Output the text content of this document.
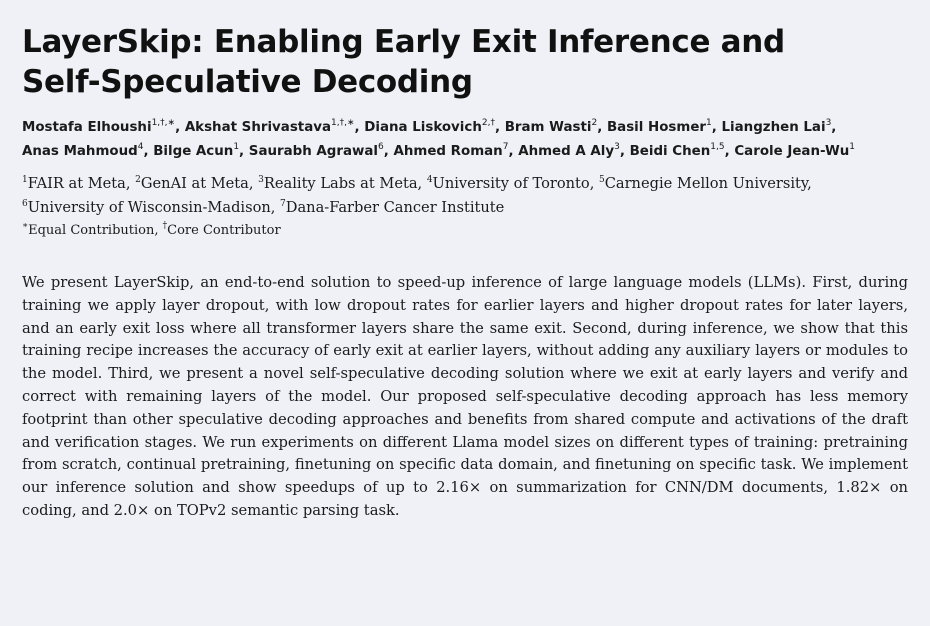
LayerSkip: Enabling Early Exit Inference and
Self-Speculative Decoding
Mostafa Elhoushi$^{1,\dagger,∗}$, Akshat Shrivastava$^{1,\dagger,∗}$, Diana Liskovich$^{2,\dagger}$, Bram Wasti$^2$, Basil Hosmer$^1$, Liangzhen Lai$^3$, Anas Mahmoud$^4$, Bilge Acun$^1$, Saurabh Agrawal$^6$, Ahmed Roman$^7$, Ahmed A Aly$^3$, Beidi Chen$^{1,5}$, Carole Jean-Wu$^1$
$^1$FAIR at Meta, $^2$GenAI at Meta, $^3$Reality Labs at Meta, $^4$University of Toronto, $^5$Carnegie Mellon University, $^6$University of Wisconsin-Madison, $^7$Dana-Farber Cancer Institute
∗Equal Contribution, †Core Contributor

We present LayerSkip, an end-to-end solution to speed-up inference of large language models (LLMs). First, during training we apply layer dropout, with low dropout rates for earlier layers and higher dropout rates for later layers, and an early exit loss where all transformer layers share the same exit. Second, during inference, we show that this training recipe increases the accuracy of early exit at earlier layers, without adding any auxiliary layers or modules to the model. Third, we present a novel self-speculative decoding solution where we exit at early layers and verify and correct with remaining layers of the model. Our proposed self-speculative decoding approach has less memory footprint than other speculative decoding approaches and benefits from shared compute and activations of the draft and verification stages. We run experiments on different Llama model sizes on different types of training: pretraining from scratch, continual pretraining, finetuning on specific data domain, and finetuning on specific task. We implement our inference solution and show speedups of up to 2.16× on summarization for CNN/DM documents, 1.82× on coding, and 2.0× on TOPv2 semantic parsing task.
